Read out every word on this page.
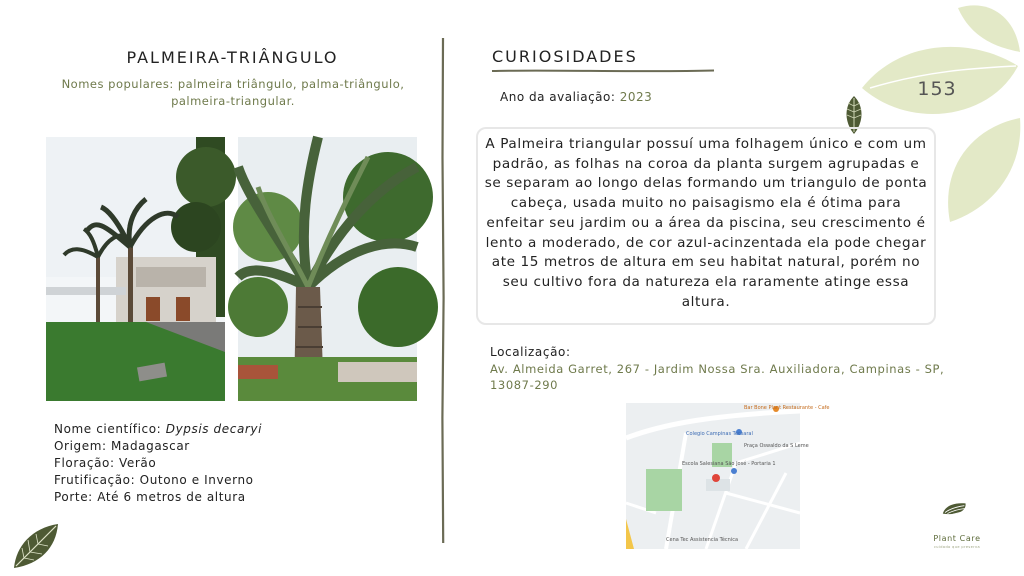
153
PALMEIRA-TRIÂNGULO
Nomes populares: palmeira triângulo, palma-triângulo, palmeira-triangular.
Nome científico: Dypsis decaryi
Origem: Madagascar
Floração: Verão
Frutificação: Outono e Inverno
Porte: Até 6 metros de altura
CURIOSIDADES
Ano da avaliação: 2023
A Palmeira triangular possuí uma folhagem único e com um padrão, as folhas na coroa da planta surgem agrupadas e se separam ao longo delas formando um triangulo de ponta cabeça, usada muito no paisagismo ela é ótima para enfeitar seu jardim ou a área da piscina, seu crescimento é lento a moderado, de cor azul-acinzentada ela pode chegar ate 15 metros de altura em seu habitat natural, porém no seu cultivo fora da natureza ela raramente atinge essa altura.
Localização:
Av. Almeida Garret, 267 - Jardim Nossa Sra. Auxiliadora, Campinas - SP, 13087-290
Bar Bone Plant Restaurante - Cafe
Colegio Campinas Tecsaral
Praça Oswaldo da S Leme
Escola Salesiana São José - Portaria 1
Cena Tec Assistencia Técnica	Plant Care
cuidado que preserva
